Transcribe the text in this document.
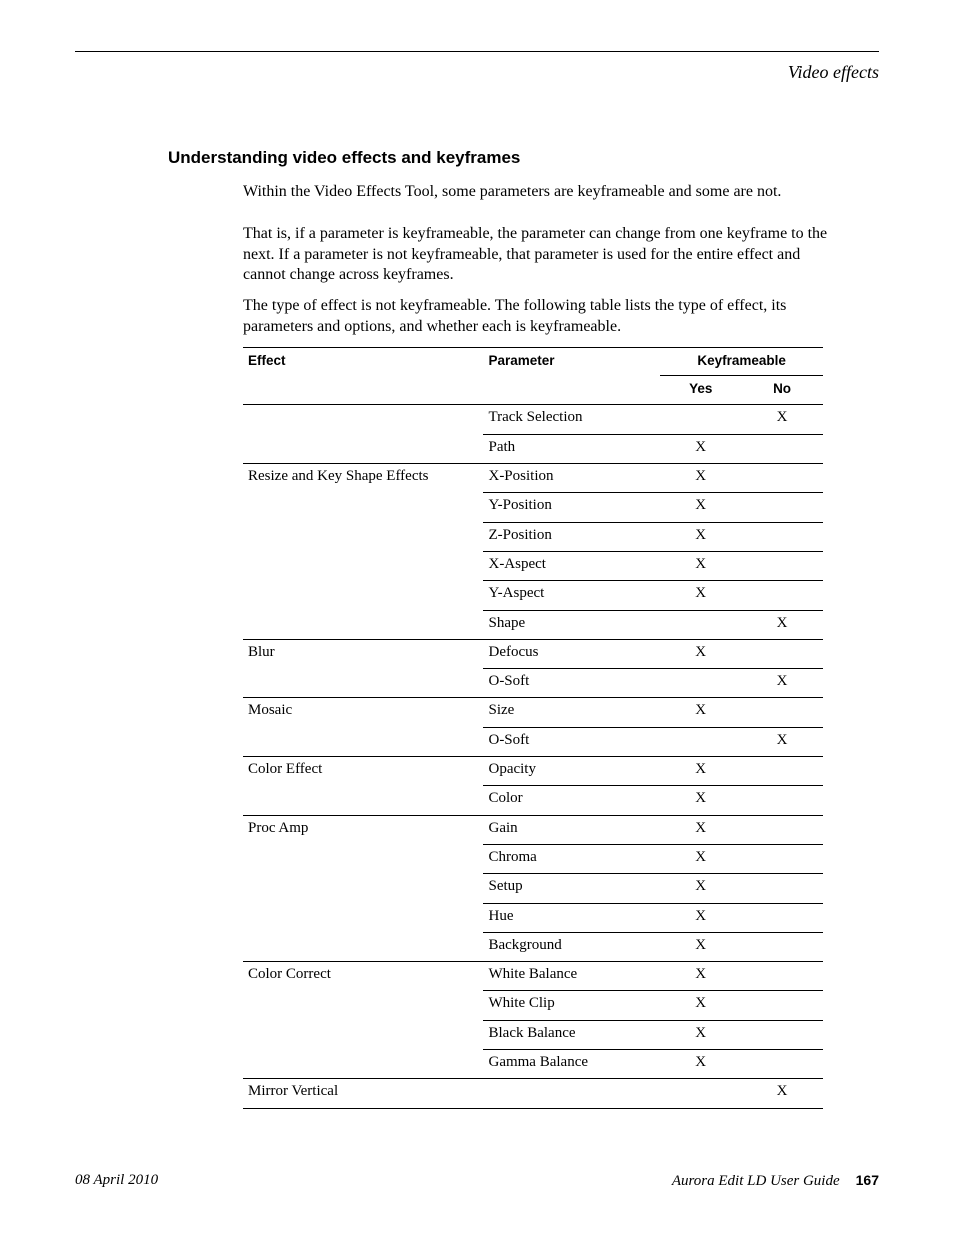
Video effects
Understanding video effects and keyframes

Within the Video Effects Tool, some parameters are keyframeable and some are not.

That is, if a parameter is keyframeable, the parameter can change from one keyframe to the next. If a parameter is not keyframeable, that parameter is used for the entire effect and cannot change across keyframes.

The type of effect is not keyframeable. The following table lists the type of effect, its parameters and options, and whether each is keyframeable.

Effect	Parameter	Keyframeable	
		Yes	No

	Track Selection		X
	Path	X	
Resize and Key Shape Effects	X-Position	X	
	Y-Position	X	
	Z-Position	X	
	X-Aspect	X	
	Y-Aspect	X	
	Shape		X
Blur	Defocus	X	
	O-Soft		X
Mosaic	Size	X	
	O-Soft		X
Color Effect	Opacity	X	
	Color	X	
Proc Amp	Gain	X	
	Chroma	X	
	Setup	X	
	Hue	X	
	Background	X	
Color Correct	White Balance	X	
	White Clip	X	
	Black Balance	X	
	Gamma Balance	X	
Mirror Vertical			X
08 April 2010	Aurora Edit LD User Guide 167
